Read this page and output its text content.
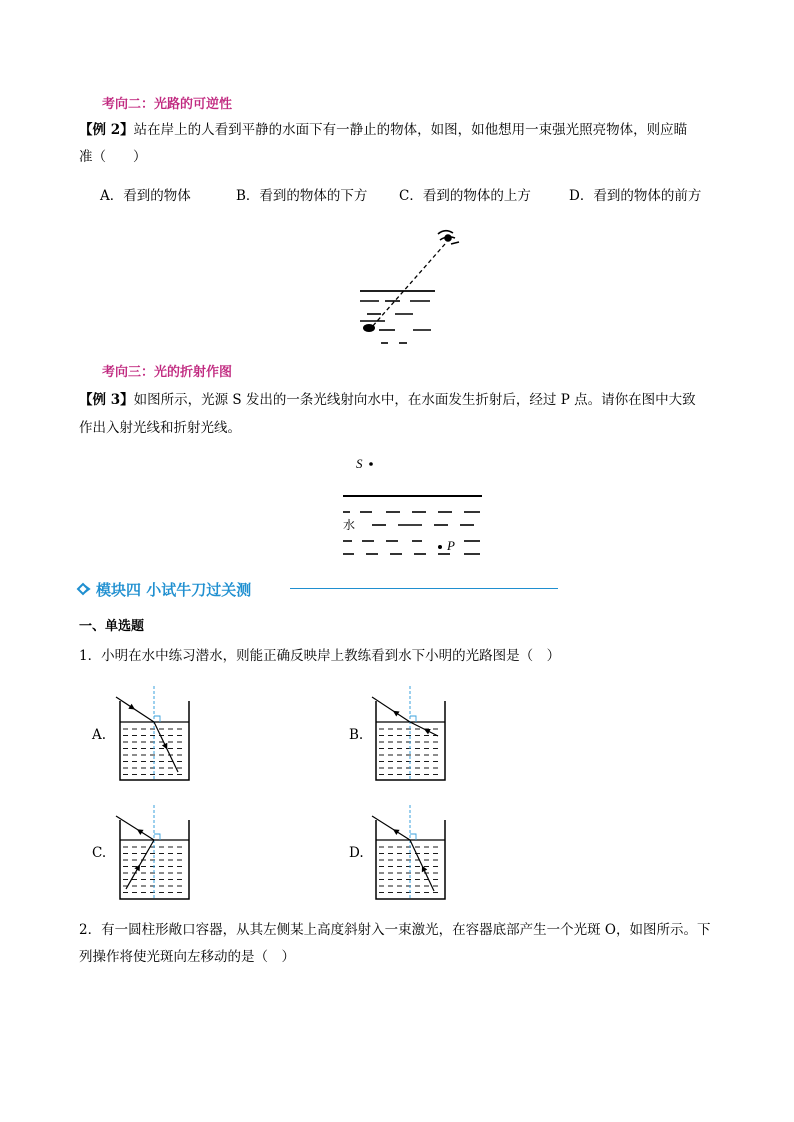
考向二：光路的可逆性
【例 2】站在岸上的人看到平静的水面下有一静止的物体，如图，如他想用一束强光照亮物体，则应瞄
准（　　）
A．看到的物体	B．看到的物体的下方 C．看到的物体的上方	D．看到的物体的前方
考向三：光的折射作图
【例 3】如图所示，光源 S 发出的一条光线射向水中，在水面发生折射后，经过 P 点。请你在图中大致
作出入射光线和折射光线。
S
水
P
模块四 小试牛刀过关测
一、单选题
1．小明在水中练习潜水，则能正确反映岸上教练看到水下小明的光路图是（　）
A.	B.
C.	D.
2．有一圆柱形敞口容器，从其左侧某上高度斜射入一束激光，在容器底部产生一个光斑 O，如图所示。下
列操作将使光斑向左移动的是（　）
